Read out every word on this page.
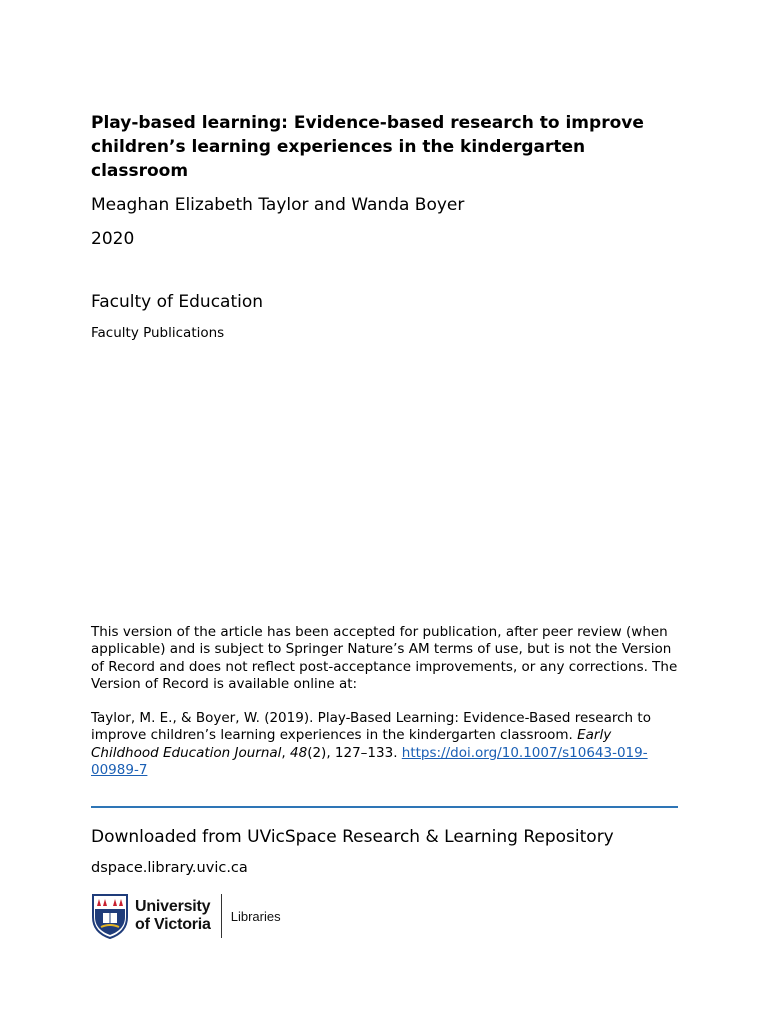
Play-based learning: Evidence-based research to improve children’s learning experiences in the kindergarten classroom

Meaghan Elizabeth Taylor and Wanda Boyer

2020

Faculty of Education

Faculty Publications

This version of the article has been accepted for publication, after peer review (when applicable) and is subject to Springer Nature’s AM terms of use, but is not the Version of Record and does not reflect post-acceptance improvements, or any corrections. The Version of Record is available online at:

Taylor, M. E., & Boyer, W. (2019). Play-Based Learning: Evidence-Based research to improve children’s learning experiences in the kindergarten classroom. Early Childhood Education Journal, 48(2), 127–133. https://doi.org/10.1007/s10643-019-00989-7

Downloaded from UVicSpace Research & Learning Repository

dspace.library.uvic.ca

University
of Victoria Libraries
